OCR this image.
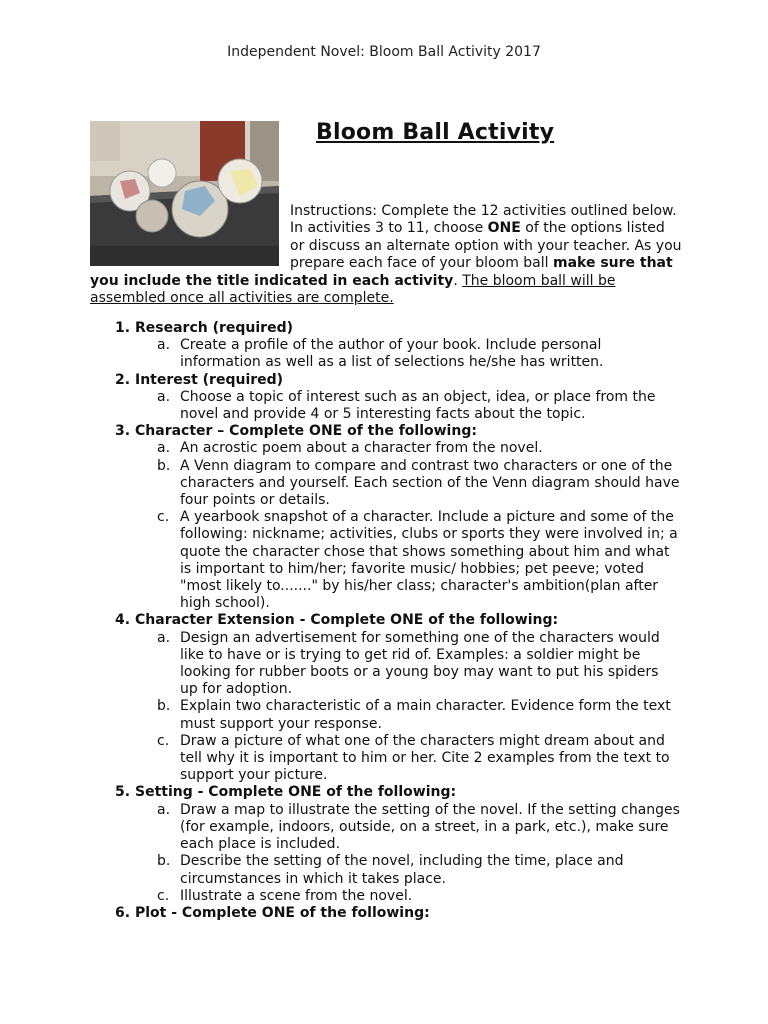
Independent Novel: Bloom Ball Activity 2017
Bloom Ball Activity
Instructions: Complete the 12 activities outlined below.
In activities 3 to 11, choose ONE of the options listed
or discuss an alternate option with your teacher. As you
prepare each face of your bloom ball make sure that
you include the title indicated in each activity. The bloom ball will be
assembled once all activities are complete.
1. Research (required)
a. Create a profile of the author of your book. Include personal information as well as a list of selections he/she has written.
2. Interest (required)
a. Choose a topic of interest such as an object, idea, or place from the novel and provide 4 or 5 interesting facts about the topic.
3. Character – Complete ONE of the following:
a. An acrostic poem about a character from the novel.
b. A Venn diagram to compare and contrast two characters or one of the characters and yourself. Each section of the Venn diagram should have four points or details.
c. A yearbook snapshot of a character. Include a picture and some of the following: nickname; activities, clubs or sports they were involved in; a quote the character chose that shows something about him and what is important to him/her; favorite music/ hobbies; pet peeve; voted "most likely to......." by his/her class; character's ambition(plan after high school).
4. Character Extension - Complete ONE of the following:
a. Design an advertisement for something one of the characters would like to have or is trying to get rid of. Examples: a soldier might be looking for rubber boots or a young boy may want to put his spiders up for adoption.
b. Explain two characteristic of a main character. Evidence form the text must support your response.
c. Draw a picture of what one of the characters might dream about and tell why it is important to him or her. Cite 2 examples from the text to support your picture.
5. Setting - Complete ONE of the following:
a. Draw a map to illustrate the setting of the novel. If the setting changes (for example, indoors, outside, on a street, in a park, etc.), make sure each place is included.
b. Describe the setting of the novel, including the time, place and circumstances in which it takes place.
c. Illustrate a scene from the novel.
6. Plot - Complete ONE of the following:
